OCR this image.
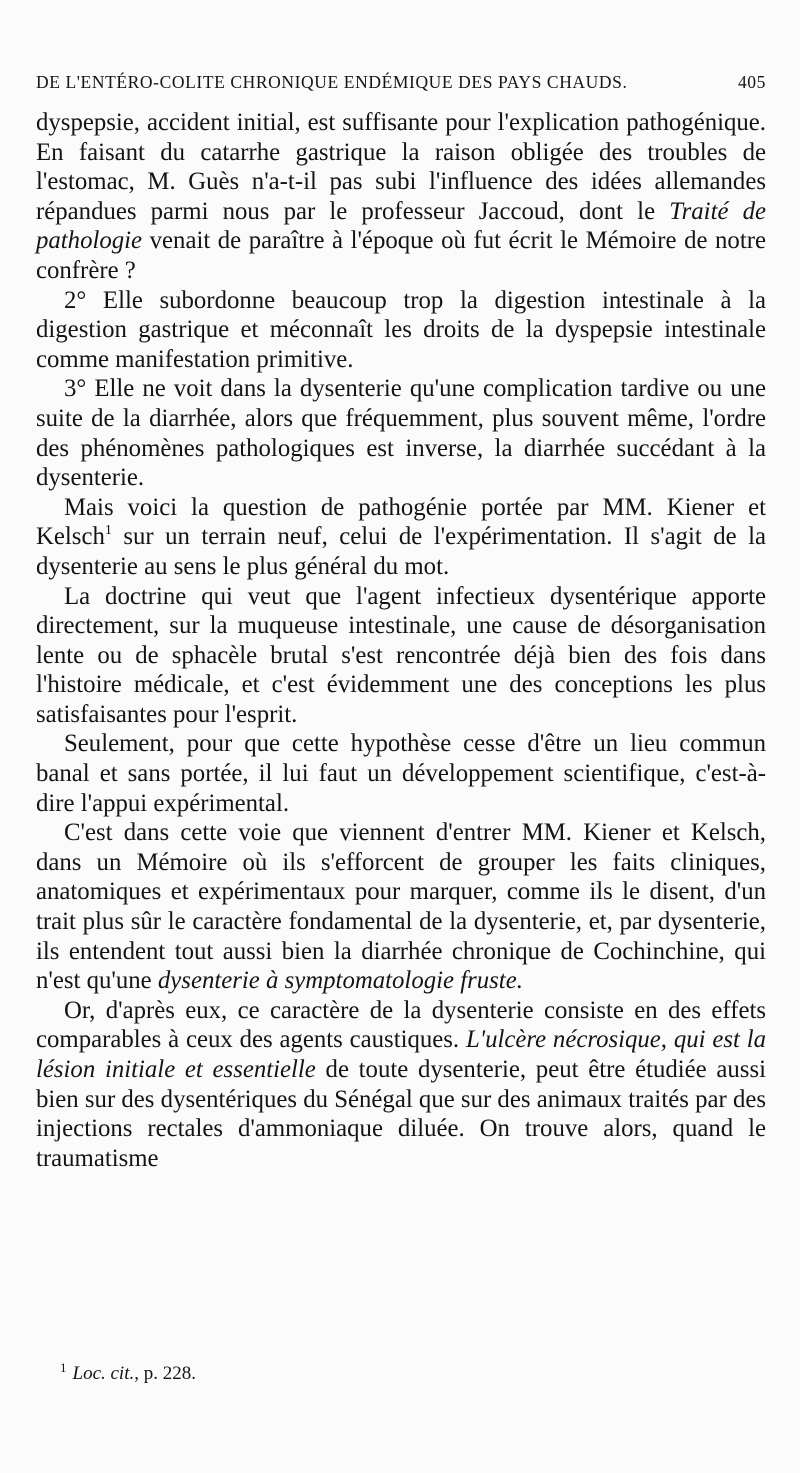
DE L'ENTÉRO-COLITE CHRONIQUE ENDÉMIQUE DES PAYS CHAUDS.	405

dyspepsie, accident initial, est suffisante pour l'explication pathogénique. En faisant du catarrhe gastrique la raison obligée des troubles de l'estomac, M. Guès n'a-t-il pas subi l'influence des idées allemandes répandues parmi nous par le professeur Jaccoud, dont le Traité de pathologie venait de paraître à l'époque où fut écrit le Mémoire de notre confrère ?

2° Elle subordonne beaucoup trop la digestion intestinale à la digestion gastrique et méconnaît les droits de la dyspepsie intestinale comme manifestation primitive.

3° Elle ne voit dans la dysenterie qu'une complication tardive ou une suite de la diarrhée, alors que fréquemment, plus souvent même, l'ordre des phénomènes pathologiques est inverse, la diarrhée succédant à la dysenterie.

Mais voici la question de pathogénie portée par MM. Kiener et Kelsch$^1$ sur un terrain neuf, celui de l'expérimentation. Il s'agit de la dysenterie au sens le plus général du mot.

La doctrine qui veut que l'agent infectieux dysentérique apporte directement, sur la muqueuse intestinale, une cause de désorganisation lente ou de sphacèle brutal s'est rencontrée déjà bien des fois dans l'histoire médicale, et c'est évidemment une des conceptions les plus satisfaisantes pour l'esprit.

Seulement, pour que cette hypothèse cesse d'être un lieu commun banal et sans portée, il lui faut un développement scientifique, c'est-à-dire l'appui expérimental.

C'est dans cette voie que viennent d'entrer MM. Kiener et Kelsch, dans un Mémoire où ils s'efforcent de grouper les faits cliniques, anatomiques et expérimentaux pour marquer, comme ils le disent, d'un trait plus sûr le caractère fondamental de la dysenterie, et, par dysenterie, ils entendent tout aussi bien la diarrhée chronique de Cochinchine, qui n'est qu'une dysenterie à symptomatologie fruste.

Or, d'après eux, ce caractère de la dysenterie consiste en des effets comparables à ceux des agents caustiques. L'ulcère nécrosique, qui est la lésion initiale et essentielle de toute dysenterie, peut être étudiée aussi bien sur des dysentériques du Sénégal que sur des animaux traités par des injections rectales d'ammoniaque diluée. On trouve alors, quand le traumatisme

$^1$ Loc. cit., p. 228.
